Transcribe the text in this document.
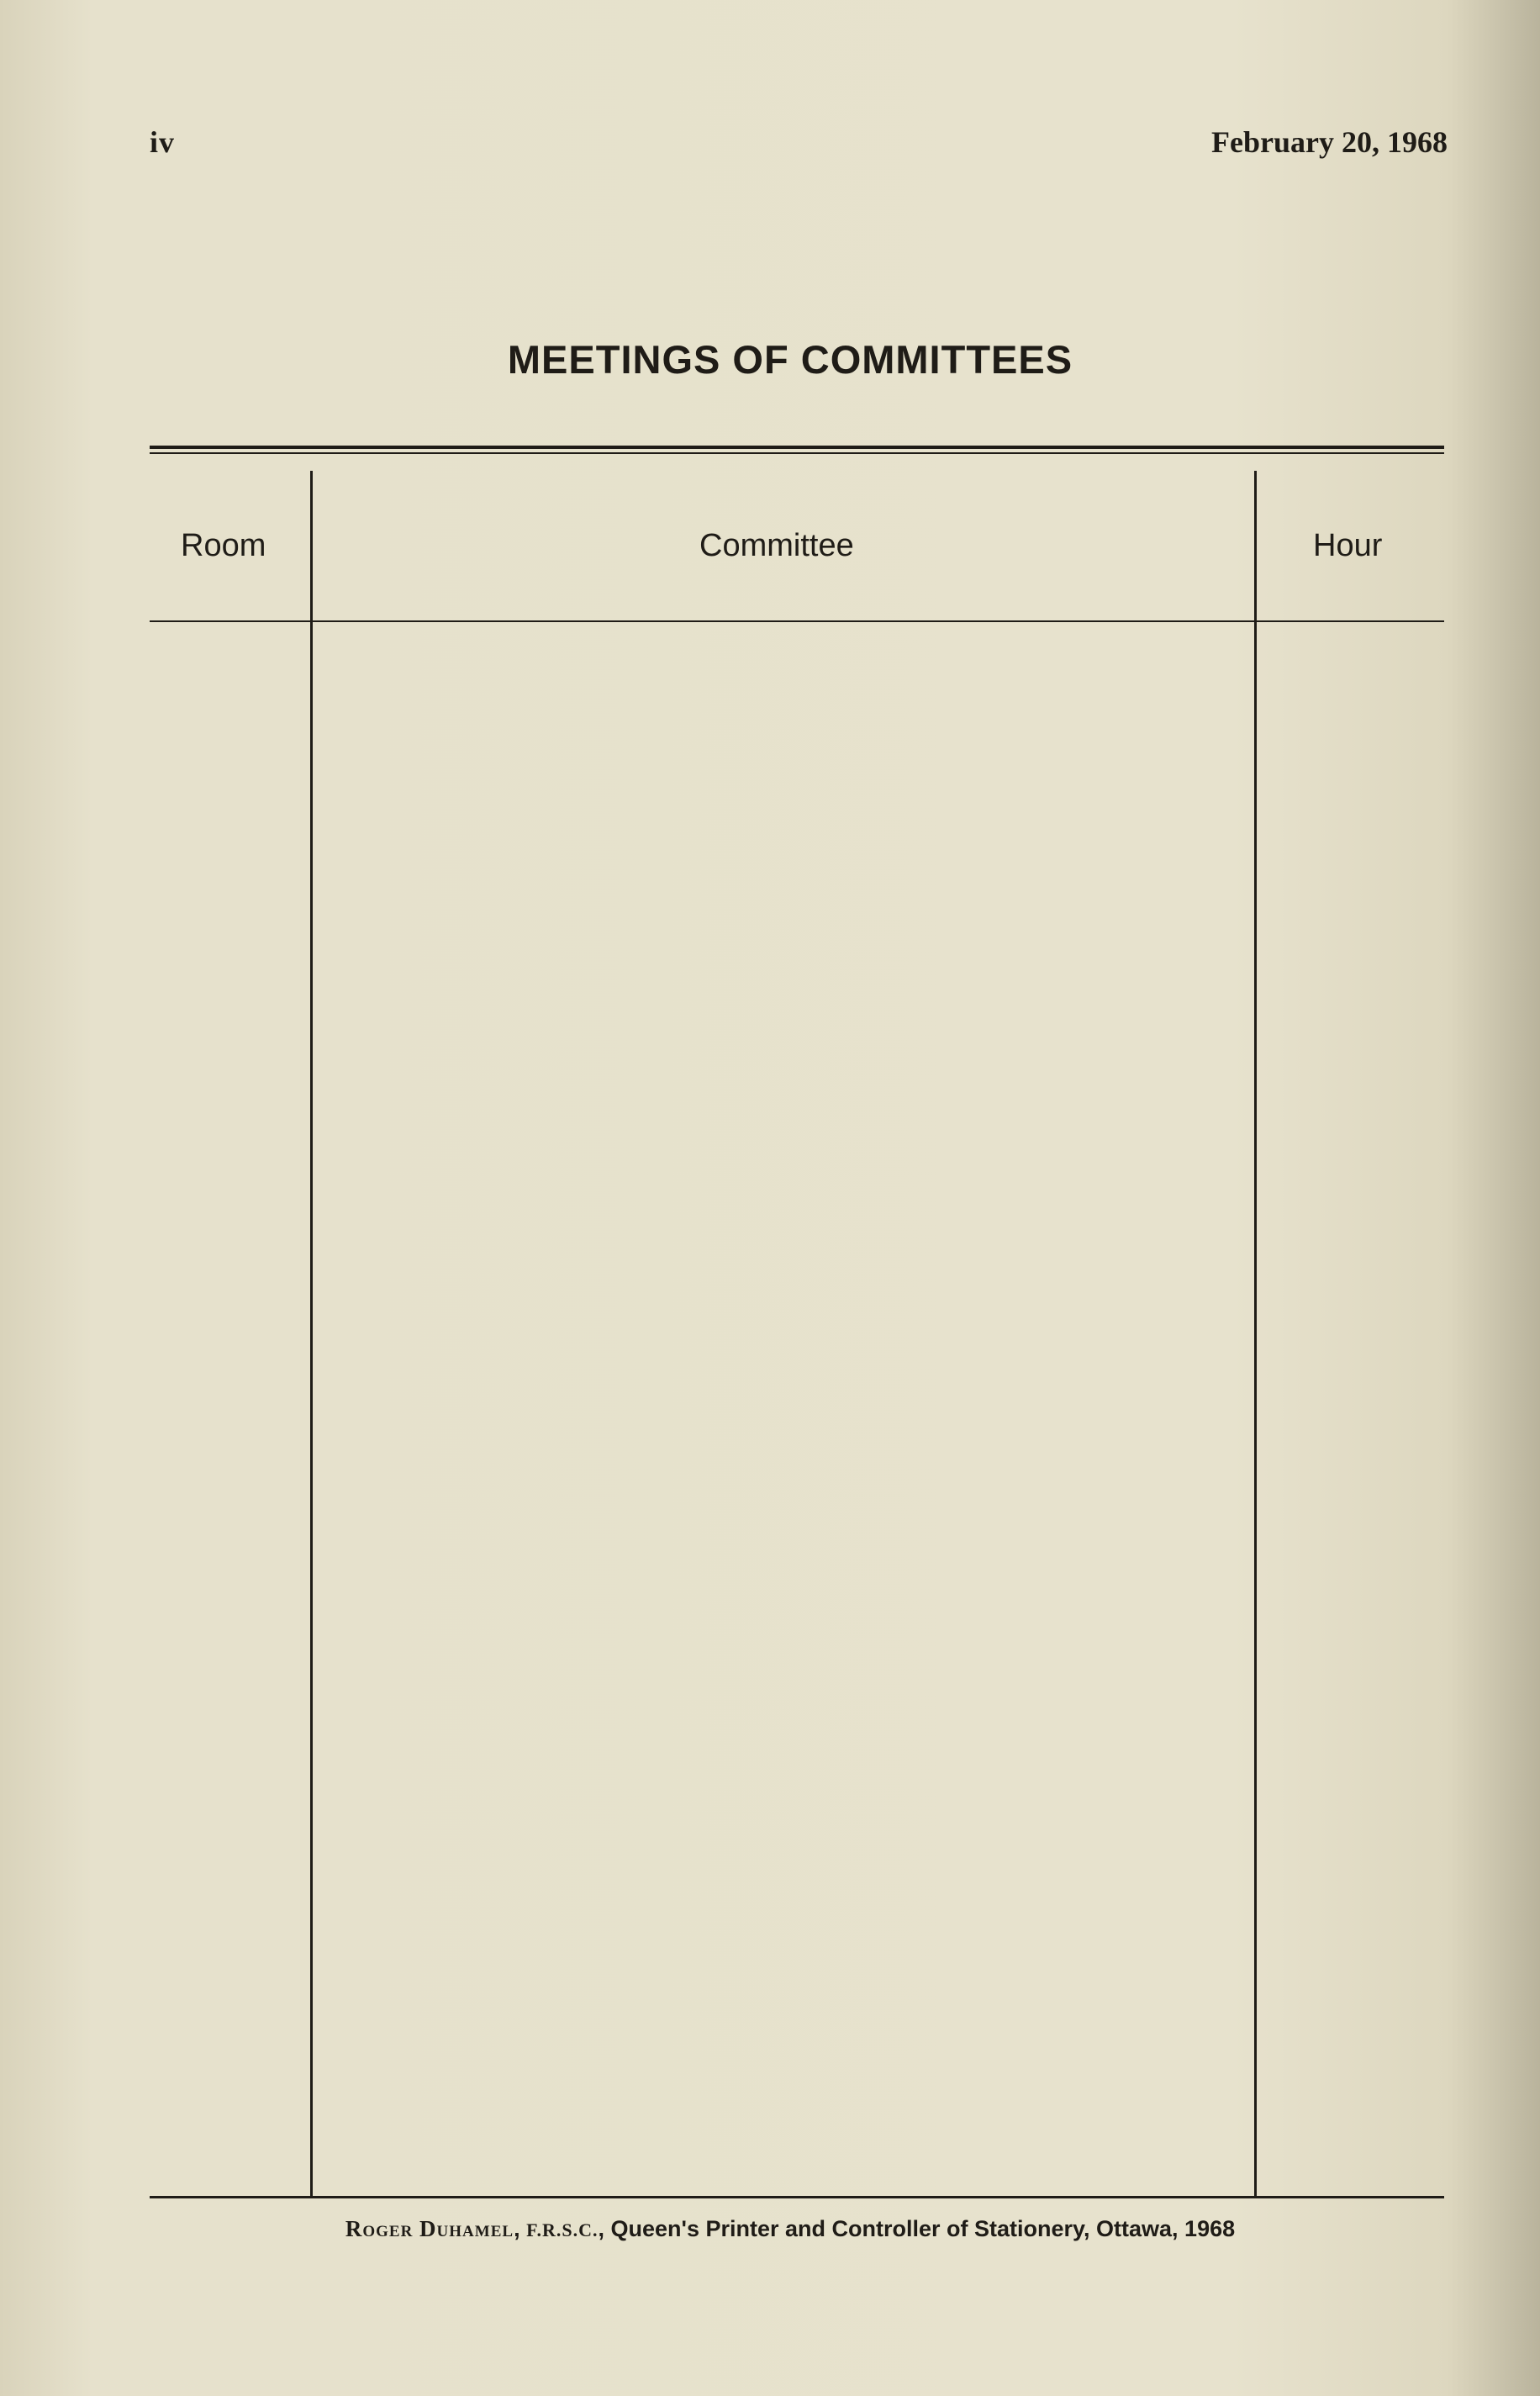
iv	February 20, 1968
MEETINGS OF COMMITTEES
Room	Committee	Hour
Roger Duhamel, F.R.S.C., Queen's Printer and Controller of Stationery, Ottawa, 1968
